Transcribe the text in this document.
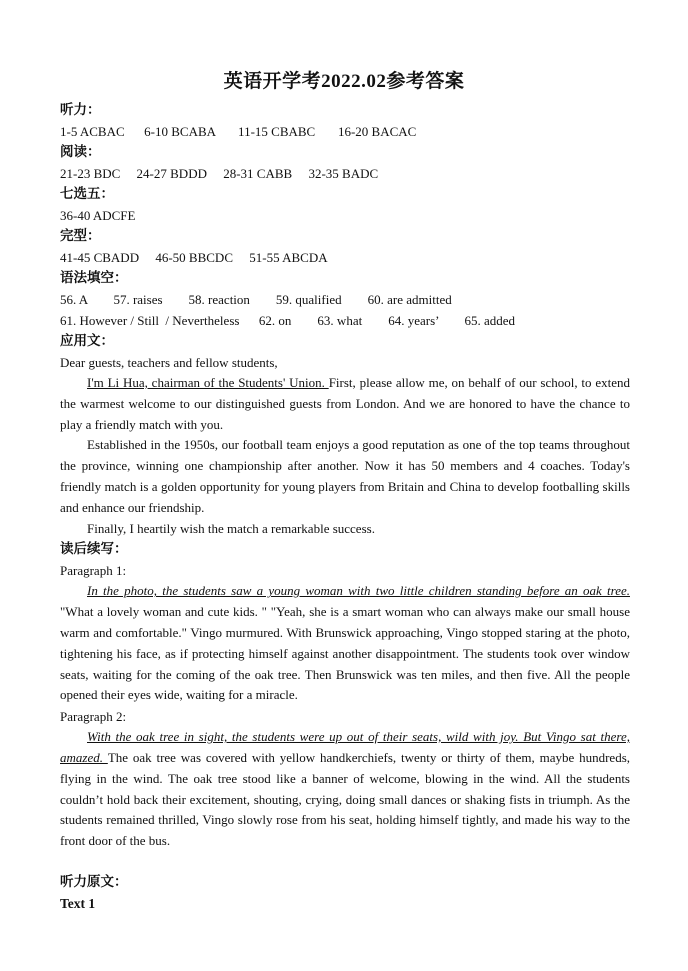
英语开学考2022.02参考答案
听力：
1-5 ACBAC      6-10 BCABA       11-15 CBABC       16-20 BACAC
阅读：
21-23 BDC     24-27 BDDD     28-31 CABB     32-35 BADC
七选五：
36-40 ADCFE
完型：
41-45 CBADD     46-50 BBCDC     51-55 ABCDA
语法填空：
56. A        57. raises        58. reaction        59. qualified        60. are admitted
61. However / Still  / Nevertheless      62. on        63. what        64. years’        65. added
应用文：
Dear guests, teachers and fellow students,

I'm Li Hua, chairman of the Students' Union. First, please allow me, on behalf of our school, to extend the warmest welcome to our distinguished guests from London. And we are honored to have the chance to play a friendly match with you.

Established in the 1950s, our football team enjoys a good reputation as one of the top teams throughout the province, winning one championship after another. Now it has 50 members and 4 coaches. Today's friendly match is a golden opportunity for young players from Britain and China to develop footballing skills and enhance our friendship.

Finally, I heartily wish the match a remarkable success.

读后续写：
Paragraph 1:

In the photo, the students saw a young woman with two little children standing before an oak tree. "What a lovely woman and cute kids. " "Yeah, she is a smart woman who can always make our small house warm and comfortable." Vingo murmured. With Brunswick approaching, Vingo stopped staring at the photo, tightening his face, as if protecting himself against another disappointment. The students took over window seats, waiting for the coming of the oak tree. Then Brunswick was ten miles, and then five. All the people opened their eyes wide, waiting for a miracle.

Paragraph 2:

With the oak tree in sight, the students were up out of their seats, wild with joy. But Vingo sat there, amazed. The oak tree was covered with yellow handkerchiefs, twenty or thirty of them, maybe hundreds, flying in the wind. The oak tree stood like a banner of welcome, blowing in the wind. All the students couldn’t hold back their excitement, shouting, crying, doing small dances or shaking fists in triumph. As the students remained thrilled, Vingo slowly rose from his seat, holding himself tightly, and made his way to the front door of the bus.

听力原文：
Text 1
